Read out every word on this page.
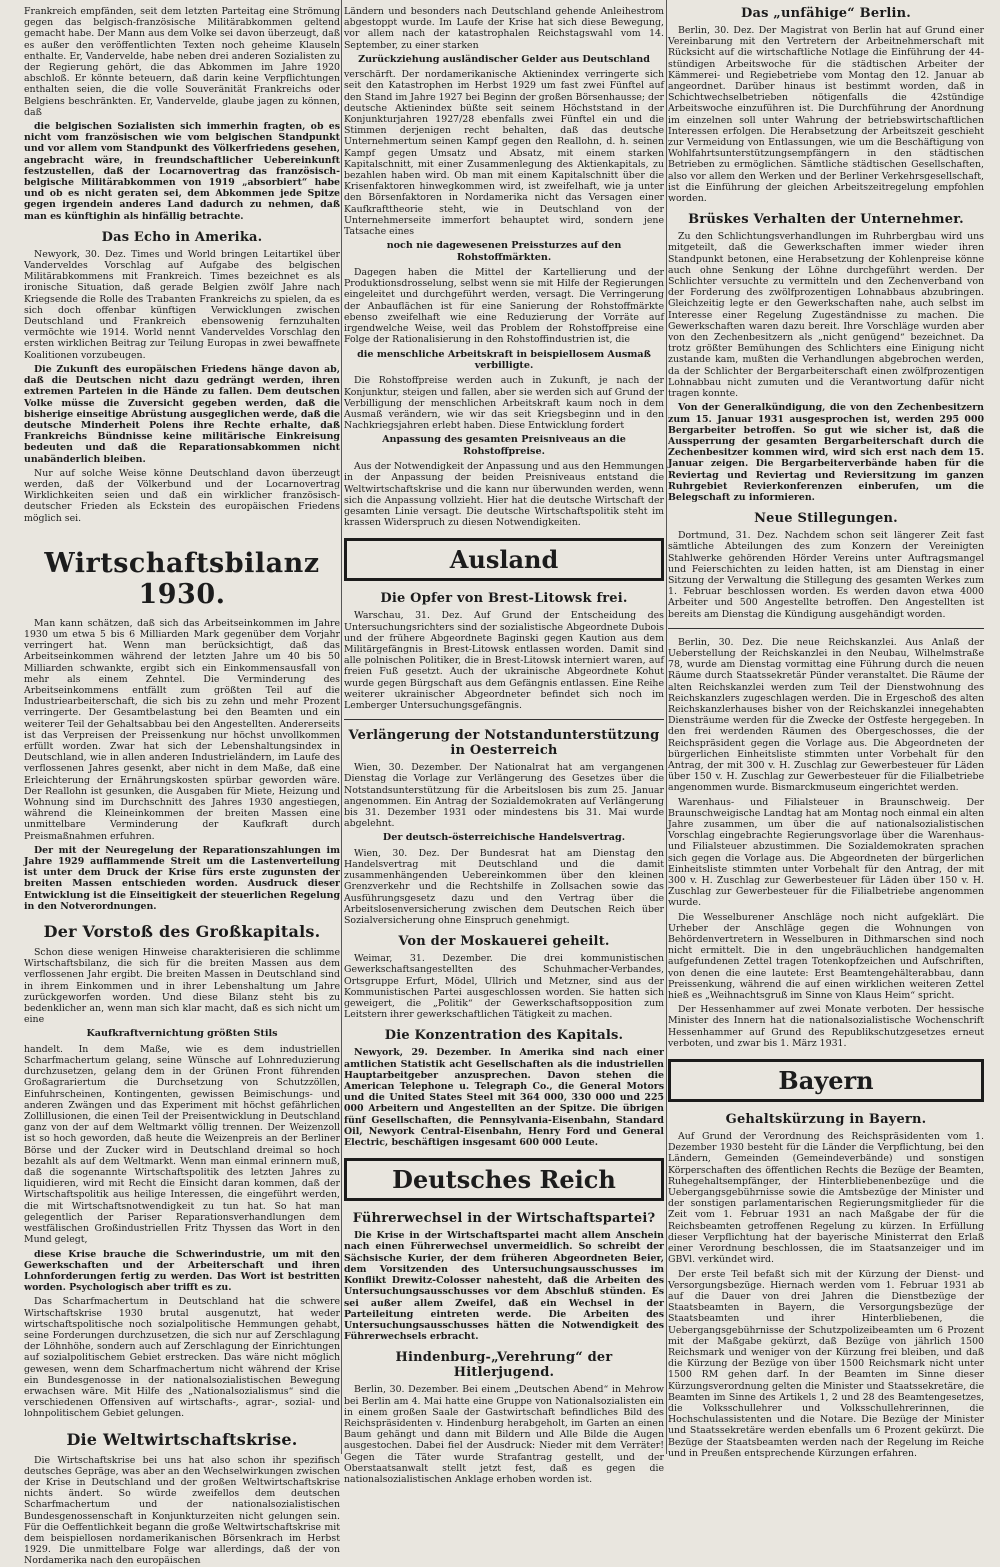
Frankreich empfänden, seit dem letzten Parteitag eine Strömung gegen das belgisch-französische Militärabkommen geltend gemacht habe. Der Mann aus dem Volke sei davon überzeugt, daß es außer den veröffentlichten Texten noch geheime Klauseln enthalte. Er, Vandervelde, habe neben drei anderen Sozialisten zu der Regierung gehört, die das Abkommen im Jahre 1920 abschloß. Er könnte beteuern, daß darin keine Verpflichtungen enthalten seien, die die volle Souveränität Frankreichs oder Belgiens beschränkten. Er, Vandervelde, glaube jagen zu können, daß

die belgischen Sozialisten sich immerhin fragten, ob es nicht vom französischen wie vom belgischen Standpunkt und vor allem vom Standpunkt des Völkerfriedens gesehen, angebracht wäre, in freundschaftlicher Uebereinkunft festzustellen, daß der Locarnovertrag das französisch-belgische Militärabkommen von 1919 „absorbiert“ habe und ob es nicht geraten sei, dem Abkommen jede Spitze gegen irgendein anderes Land dadurch zu nehmen, daß man es künftighin als hinfällig betrachte.

Das Echo in Amerika.

Newyork, 30. Dez. Times und World bringen Leitartikel über Vanderveldes Vorschlag auf Aufgabe des belgischen Militärabkommens mit Frankreich. Times bezeichnet es als ironische Situation, daß gerade Belgien zwölf Jahre nach Kriegsende die Rolle des Trabanten Frankreichs zu spielen, da es sich doch offenbar künftigen Verwicklungen zwischen Deutschland und Frankreich ebensowenig fernzuhalten vermöchte wie 1914. World nennt Vanderveldes Vorschlag den ersten wirklichen Beitrag zur Teilung Europas in zwei bewaffnete Koalitionen vorzubeugen.

Die Zukunft des europäischen Friedens hänge davon ab, daß die Deutschen nicht dazu gedrängt werden, ihren extremen Parteien in die Hände zu fallen. Dem deutschen Volke müsse die Zuversicht gegeben werden, daß die bisherige einseitige Abrüstung ausgeglichen werde, daß die deutsche Minderheit Polens ihre Rechte erhalte, daß Frankreichs Bündnisse keine militärische Einkreisung bedeuten und daß die Reparationsabkommen nicht unabänderlich bleiben.

Nur auf solche Weise könne Deutschland davon überzeugt werden, daß der Völkerbund und der Locarnovertrag Wirklichkeiten seien und daß ein wirklicher französisch-deutscher Frieden als Eckstein des europäischen Friedens möglich sei.

Wirtschaftsbilanz 1930.

Man kann schätzen, daß sich das Arbeitseinkommen im Jahre 1930 um etwa 5 bis 6 Milliarden Mark gegenüber dem Vorjahr verringert hat. Wenn man berücksichtigt, daß das Arbeitseinkommen während der letzten Jahre um 40 bis 50 Milliarden schwankte, ergibt sich ein Einkommensausfall von mehr als einem Zehntel. Die Verminderung des Arbeitseinkommens entfällt zum größten Teil auf die Industriearbeiterschaft, die sich bis zu zehn und mehr Prozent verringerte. Der Gesamtbelastung bei den Beamten und ein weiterer Teil der Gehaltsabbau bei den Angestellten. Andererseits ist das Verpreisen der Preissenkung nur höchst unvollkommen erfüllt worden. Zwar hat sich der Lebenshaltungsindex in Deutschland, wie in allen anderen Industrieländern, im Laufe des verflossenen Jahres gesenkt, aber nicht in dem Maße, daß eine Erleichterung der Ernährungskosten spürbar geworden wäre. Der Reallohn ist gesunken, die Ausgaben für Miete, Heizung und Wohnung sind im Durchschnitt des Jahres 1930 angestiegen, während die Kleineinkommen der breiten Massen eine unmittelbare Verminderung der Kaufkraft durch Preismaßnahmen erfuhren.

Der mit der Neuregelung der Reparationszahlungen im Jahre 1929 aufflammende Streit um die Lastenverteilung ist unter dem Druck der Krise fürs erste zugunsten der breiten Massen entschieden worden. Ausdruck dieser Entwicklung ist die Einseitigkeit der steuerlichen Regelung in den Notverordnungen.

Der Vorstoß des Großkapitals.

Schon diese wenigen Hinweise charakterisieren die schlimme Wirtschaftsbilanz, die sich für die breiten Massen aus dem verflossenen Jahr ergibt. Die breiten Massen in Deutschland sind in ihrem Einkommen und in ihrer Lebenshaltung um Jahre zurückgeworfen worden. Und diese Bilanz steht bis zu bedenklicher an, wenn man sich klar macht, daß es sich nicht um eine

Kaufkraftvernichtung größten Stils

handelt. In dem Maße, wie es dem industriellen Scharfmachertum gelang, seine Wünsche auf Lohnreduzierung durchzusetzen, gelang dem in der Grünen Front führenden Großagrariertum die Durchsetzung von Schutzzöllen, Einfuhrscheinen, Kontingenten, gewissen Beimischungs- und anderen Zwängen und das Experiment mit höchst gefährlichen Zollillusionen, die einen Teil der Preisentwicklung in Deutschland ganz von der auf dem Weltmarkt völlig trennen. Der Weizenzoll ist so hoch geworden, daß heute die Weizenpreis an der Berliner Börse und der Zucker wird in Deutschland dreimal so hoch bezahlt als auf dem Weltmarkt. Wenn man einmal erinnern muß, daß die sogenannte Wirtschaftspolitik des letzten Jahres zu liquidieren, wird mit Recht die Einsicht daran kommen, daß der Wirtschaftspolitik aus heilige Interessen, die eingeführt werden, die mit Wirtschaftsnotwendigkeit zu tun hat. So hat man gelegentlich der Pariser Reparationsverhandlungen dem westfälischen Großindustriellen Fritz Thyssen das Wort in den Mund gelegt,

diese Krise brauche die Schwerindustrie, um mit den Gewerkschaften und der Arbeiterschaft und ihren Lohnforderungen fertig zu werden. Das Wort ist bestritten worden. Psychologisch aber trifft es zu.

Das Scharfmachertum in Deutschland hat die schwere Wirtschaftskrise 1930 brutal ausgenutzt, hat weder wirtschaftspolitische noch sozialpolitische Hemmungen gehabt, seine Forderungen durchzusetzen, die sich nur auf Zerschlagung der Löhnhöhe, sondern auch auf Zerschlagung der Einrichtungen auf sozialpolitischem Gebiet erstrecken. Das wäre nicht möglich gewesen, wenn dem Scharfmachertum nicht während der Krise ein Bundesgenosse in der nationalsozialistischen Bewegung erwachsen wäre. Mit Hilfe des „Nationalsozialismus“ sind die verschiedenen Offensiven auf wirtschafts-, agrar-, sozial- und lohnpolitischem Gebiet gelungen.

Die Weltwirtschaftskrise.

Die Wirtschaftskrise bei uns hat also schon ihr spezifisch deutsches Gepräge, was aber an den Wechselwirkungen zwischen der Krise in Deutschland und der großen Weltwirtschaftskrise nichts ändert. So würde zweifellos dem deutschen Scharfmachertum und der nationalsozialistischen Bundesgenossenschaft in Konjunkturzeiten nicht gelungen sein. Für die Oeffentlichkeit begann die große Weltwirtschaftskrise mit dem beispiellosen nordamerikanischen Börsenkrach im Herbst 1929. Die unmittelbare Folge war allerdings, daß der von Nordamerika nach den europäischen

Ländern und besonders nach Deutschland gehende Anleihestrom abgestoppt wurde. Im Laufe der Krise hat sich diese Bewegung, vor allem nach der katastrophalen Reichstagswahl vom 14. September, zu einer starken

Zurückziehung ausländischer Gelder aus Deutschland

verschärft. Der nordamerikanische Aktienindex verringerte sich seit den Katastrophen im Herbst 1929 um fast zwei Fünftel auf den Stand im Jahre 1927 bei Beginn der großen Börsenhausse; der deutsche Aktienindex büßte seit seinem Höchststand in der Konjunkturjahren 1927/28 ebenfalls zwei Fünftel ein und die Stimmen derjenigen recht behalten, daß das deutsche Unternehmertum seinen Kampf gegen den Reallohn, d. h. seinen Kampf gegen Umsatz und Absatz, mit einem starken Kapitalschnitt, mit einer Zusammenlegung des Aktienkapitals, zu bezahlen haben wird. Ob man mit einem Kapitalschnitt über die Krisenfaktoren hinwegkommen wird, ist zweifelhaft, wie ja unter den Börsenfaktoren in Nordamerika nicht das Versagen einer Kaufkrafttheorie steht, wie in Deutschland von der Unternehmerseite immerfort behauptet wird, sondern jene Tatsache eines

noch nie dagewesenen Preissturzes auf den Rohstoffmärkten.

Dagegen haben die Mittel der Kartellierung und der Produktionsdrosselung, selbst wenn sie mit Hilfe der Regierungen eingeleitet und durchgeführt werden, versagt. Die Verringerung der Anbauflächen ist für eine Sanierung der Rohstoffmärkte ebenso zweifelhaft wie eine Reduzierung der Vorräte auf irgendwelche Weise, weil das Problem der Rohstoffpreise eine Folge der Rationalisierung in den Rohstoffindustrien ist, die

die menschliche Arbeitskraft in beispiellosem Ausmaß verbilligte.

Die Rohstoffpreise werden auch in Zukunft, je nach der Konjunktur, steigen und fallen, aber sie werden sich auf Grund der Verbilligung der menschlichen Arbeitskraft kaum noch in dem Ausmaß verändern, wie wir das seit Kriegsbeginn und in den Nachkriegsjahren erlebt haben. Diese Entwicklung fordert

Anpassung des gesamten Preisniveaus an die Rohstoffpreise.

Aus der Notwendigkeit der Anpassung und aus den Hemmungen in der Anpassung der beiden Preisniveaus entstand die Weltwirtschaftskrise und die kann nur überwunden werden, wenn sich die Anpassung vollzieht. Hier hat die deutsche Wirtschaft der gesamten Linie versagt. Die deutsche Wirtschaftspolitik steht im krassen Widerspruch zu diesen Notwendigkeiten.

Ausland
Die Opfer von Brest-Litowsk frei.

Warschau, 31. Dez. Auf Grund der Entscheidung des Untersuchungsrichters sind der sozialistische Abgeordnete Dubois und der frühere Abgeordnete Baginski gegen Kaution aus dem Militärgefängnis in Brest-Litowsk entlassen worden. Damit sind alle polnischen Politiker, die in Brest-Litowsk interniert waren, auf freien Fuß gesetzt. Auch der ukrainische Abgeordnete Kohut wurde gegen Bürgschaft aus dem Gefängnis entlassen. Eine Reihe weiterer ukrainischer Abgeordneter befindet sich noch im Lemberger Untersuchungsgefängnis.

Verlängerung der Notstandunterstützung in Oesterreich

Wien, 30. Dezember. Der Nationalrat hat am vergangenen Dienstag die Vorlage zur Verlängerung des Gesetzes über die Notstandsunterstützung für die Arbeitslosen bis zum 25. Januar angenommen. Ein Antrag der Sozialdemokraten auf Verlängerung bis 31. Dezember 1931 oder mindestens bis 31. Mai wurde abgelehnt.

Der deutsch-österreichische Handelsvertrag.

Wien, 30. Dez. Der Bundesrat hat am Dienstag den Handelsvertrag mit Deutschland und die damit zusammenhängenden Uebereinkommen über den kleinen Grenzverkehr und die Rechtshilfe in Zollsachen sowie das Ausführungsgesetz dazu und den Vertrag über die Arbeitslosenversicherung zwischen dem Deutschen Reich über Sozialversicherung ohne Einspruch genehmigt.

Von der Moskauerei geheilt.

Weimar, 31. Dezember. Die drei kommunistischen Gewerkschaftsangestellten des Schuhmacher-Verbandes, Ortsgruppe Erfurt, Mödel, Ullrich und Metzner, sind aus der Kommunistischen Partei ausgeschlossen worden. Sie hatten sich geweigert, die „Politik“ der Gewerkschaftsopposition zum Leitstern ihrer gewerkschaftlichen Tätigkeit zu machen.

Die Konzentration des Kapitals.

Newyork, 29. Dezember. In Amerika sind nach einer amtlichen Statistik acht Gesellschaften als die industriellen Hauptarbeitgeber anzusprechen. Davon stehen die American Telephone u. Telegraph Co., die General Motors und die United States Steel mit 364 000, 330 000 und 225 000 Arbeitern und Angestellten an der Spitze. Die übrigen fünf Gesellschaften, die Pennsylvania-Eisenbahn, Standard Oil, Newyork Central-Eisenbahn, Henry Ford und General Electric, beschäftigen insgesamt 600 000 Leute.

Deutsches Reich
Führerwechsel in der Wirtschaftspartei?

Die Krise in der Wirtschaftspartei macht allem Anschein nach einen Führerwechsel unvermeidlich. So schreibt der Sächsische Kurier, der dem früheren Abgeordneten Beier, dem Vorsitzenden des Untersuchungsausschusses im Konflikt Drewitz-Colosser nahesteht, daß die Arbeiten des Untersuchungsausschusses vor dem Abschluß stünden. Es sei außer allem Zweifel, daß ein Wechsel in der Parteileitung eintreten werde. Die Arbeiten des Untersuchungsausschusses hätten die Notwendigkeit des Führerwechsels erbracht.

Hindenburg-„Verehrung“ der Hitlerjugend.

Berlin, 30. Dezember. Bei einem „Deutschen Abend“ in Mehrow bei Berlin am 4. Mai hatte eine Gruppe von Nationalsozialisten ein in einem großen Saale der Gastwirtschaft befindliches Bild des Reichspräsidenten v. Hindenburg herabgeholt, im Garten an einen Baum gehängt und dann mit Bildern und Alle Bilde die Augen ausgestochen. Dabei fiel der Ausdruck: Nieder mit dem Verräter! Gegen die Täter wurde Strafantrag gestellt, und der Oberstaatsanwalt stellt jetzt fest, daß es gegen die nationalsozialistischen Anklage erhoben worden ist.

Das „unfähige“ Berlin.

Berlin, 30. Dez. Der Magistrat von Berlin hat auf Grund einer Vereinbarung mit den Vertretern der Arbeitnehmerschaft mit Rücksicht auf die wirtschaftliche Notlage die Einführung der 44-stündigen Arbeitswoche für die städtischen Arbeiter der Kämmerei- und Regiebetriebe vom Montag den 12. Januar ab angeordnet. Darüber hinaus ist bestimmt worden, daß in Schichtwechselbetrieben nötigenfalls die 42stündige Arbeitswoche einzuführen ist. Die Durchführung der Anordnung im einzelnen soll unter Wahrung der betriebswirtschaftlichen Interessen erfolgen. Die Herabsetzung der Arbeitszeit geschieht zur Vermeidung von Entlassungen, wie um die Beschäftigung von Wohlfahrtsunterstützungsempfängern in den städtischen Betrieben zu ermöglichen. Sämtliche städtischen Gesellschaften, also vor allem den Werken und der Berliner Verkehrsgesellschaft, ist die Einführung der gleichen Arbeitszeitregelung empfohlen worden.

Brüskes Verhalten der Unternehmer.

Zu den Schlichtungsverhandlungen im Ruhrbergbau wird uns mitgeteilt, daß die Gewerkschaften immer wieder ihren Standpunkt betonen, eine Herabsetzung der Kohlenpreise könne auch ohne Senkung der Löhne durchgeführt werden. Der Schlichter versuchte zu vermitteln und den Zechenverband von der Forderung des zwölfprozentigen Lohnabbaus abzubringen. Gleichzeitig legte er den Gewerkschaften nahe, auch selbst im Interesse einer Regelung Zugeständnisse zu machen. Die Gewerkschaften waren dazu bereit. Ihre Vorschläge wurden aber von den Zechenbesitzern als „nicht genügend“ bezeichnet. Da trotz größter Bemühungen des Schlichters eine Einigung nicht zustande kam, mußten die Verhandlungen abgebrochen werden, da der Schlichter der Bergarbeiterschaft einen zwölfprozentigen Lohnabbau nicht zumuten und die Verantwortung dafür nicht tragen konnte.

Von der Generalkündigung, die von den Zechenbesitzern zum 15. Januar 1931 ausgesprochen ist, werden 295 000 Bergarbeiter betroffen. So gut wie sicher ist, daß die Aussperrung der gesamten Bergarbeiterschaft durch die Zechenbesitzer kommen wird, wird sich erst nach dem 15. Januar zeigen. Die Bergarbeiterverbände haben für die Reviertag und Reviertag und Reviersitzung im ganzen Ruhrgebiet Revierkonferenzen einberufen, um die Belegschaft zu informieren.

Neue Stillegungen.

Dortmund, 31. Dez. Nachdem schon seit längerer Zeit fast sämtliche Abteilungen des zum Konzern der Vereinigten Stahlwerke gehörenden Hörder Vereins unter Auftragsmangel und Feierschichten zu leiden hatten, ist am Dienstag in einer Sitzung der Verwaltung die Stillegung des gesamten Werkes zum 1. Februar beschlossen worden. Es werden davon etwa 4000 Arbeiter und 500 Angestellte betroffen. Den Angestellten ist bereits am Dienstag die Kündigung ausgehändigt worden.

Berlin, 30. Dez. Die neue Reichskanzlei. Aus Anlaß der Ueberstellung der Reichskanzlei in den Neubau, Wilhelmstraße 78, wurde am Dienstag vormittag eine Führung durch die neuen Räume durch Staatssekretär Pünder veranstaltet. Die Räume der alten Reichskanzlei werden zum Teil der Dienstwohnung des Reichskanzlers zugeschlagen werden. Die in Ergeschoß des alten Reichskanzlerhauses bisher von der Reichskanzlei innegehabten Diensträume werden für die Zwecke der Ostfeste hergegeben. In den frei werdenden Räumen des Obergeschosses, die der Reichspräsident gegen die Vorlage aus. Die Abgeordneten der bürgerlichen Einheitsliste stimmten unter Vorbehalt für den Antrag, der mit 300 v. H. Zuschlag zur Gewerbesteuer für Läden über 150 v. H. Zuschlag zur Gewerbesteuer für die Filialbetriebe angenommen wurde. Bismarckmuseum eingerichtet werden.

Warenhaus- und Filialsteuer in Braunschweig. Der Braunschweigische Landtag hat am Montag noch einmal ein alten Jahre zusammen, um über die auf nationalsozialistischen Vorschlag eingebrachte Regierungsvorlage über die Warenhaus- und Filialsteuer abzustimmen. Die Sozialdemokraten sprachen sich gegen die Vorlage aus. Die Abgeordneten der bürgerlichen Einheitsliste stimmten unter Vorbehalt für den Antrag, der mit 300 v. H. Zuschlag zur Gewerbesteuer für Läden über 150 v. H. Zuschlag zur Gewerbesteuer für die Filialbetriebe angenommen wurde.

Die Wesselburener Anschläge noch nicht aufgeklärt. Die Urheber der Anschläge gegen die Wohnungen von Behördenvertretern in Wesselburen in Dithmarschen sind noch nicht ermittelt. Die in den ungebräuchlichen handgemalten aufgefundenen Zettel tragen Totenkopfzeichen und Aufschriften, von denen die eine lautete: Erst Beamtengehälterabbau, dann Preissenkung, während die auf einen wirklichen weiteren Zettel hieß es „Weihnachtsgruß im Sinne von Klaus Heim“ spricht.

Der Hessenhammer auf zwei Monate verboten. Der hessische Minister des Innern hat die nationalsozialistische Wochenschrift Hessenhammer auf Grund des Republikschutzgesetzes erneut verboten, und zwar bis 1. März 1931.

Bayern
Gehaltskürzung in Bayern.

Auf Grund der Verordnung des Reichspräsidenten vom 1. Dezember 1930 besteht für die Länder die Verpflichtung, bei den Ländern, Gemeinden (Gemeindeverbände) und sonstigen Körperschaften des öffentlichen Rechts die Bezüge der Beamten, Ruhegehaltsempfänger, der Hinterbliebenenbezüge und die Uebergangsgebührnisse sowie die Amtsbezüge der Minister und der sonstigen parlamentarischen Regierungsmitglieder für die Zeit vom 1. Februar 1931 an nach Maßgabe der für die Reichsbeamten getroffenen Regelung zu kürzen. In Erfüllung dieser Verpflichtung hat der bayerische Ministerrat den Erlaß einer Verordnung beschlossen, die im Staatsanzeiger und im GBVl. verkündet wird.

Der erste Teil befaßt sich mit der Kürzung der Dienst- und Versorgungsbezüge. Hiernach werden vom 1. Februar 1931 ab auf die Dauer von drei Jahren die Dienstbezüge der Staatsbeamten in Bayern, die Versorgungsbezüge der Staatsbeamten und ihrer Hinterbliebenen, die Uebergangsgebührnisse der Schutzpolizeibeamten um 6 Prozent mit der Maßgabe gekürzt, daß Bezüge von jährlich 1500 Reichsmark und weniger von der Kürzung frei bleiben, und daß die Kürzung der Bezüge von über 1500 Reichsmark nicht unter 1500 RM gehen darf. In der Beamten im Sinne dieser Kürzungsverordnung gelten die Minister und Staatssekretäre, die Beamten im Sinne des Artikels 1, 2 und 28 des Beamtengesetzes, die Volksschullehrer und Volksschullehrerinnen, die Hochschulassistenten und die Notare. Die Bezüge der Minister und Staatssekretäre werden ebenfalls um 6 Prozent gekürzt. Die Bezüge der Staatsbeamten werden nach der Regelung im Reiche und in Preußen entsprechende Kürzungen erfahren.
